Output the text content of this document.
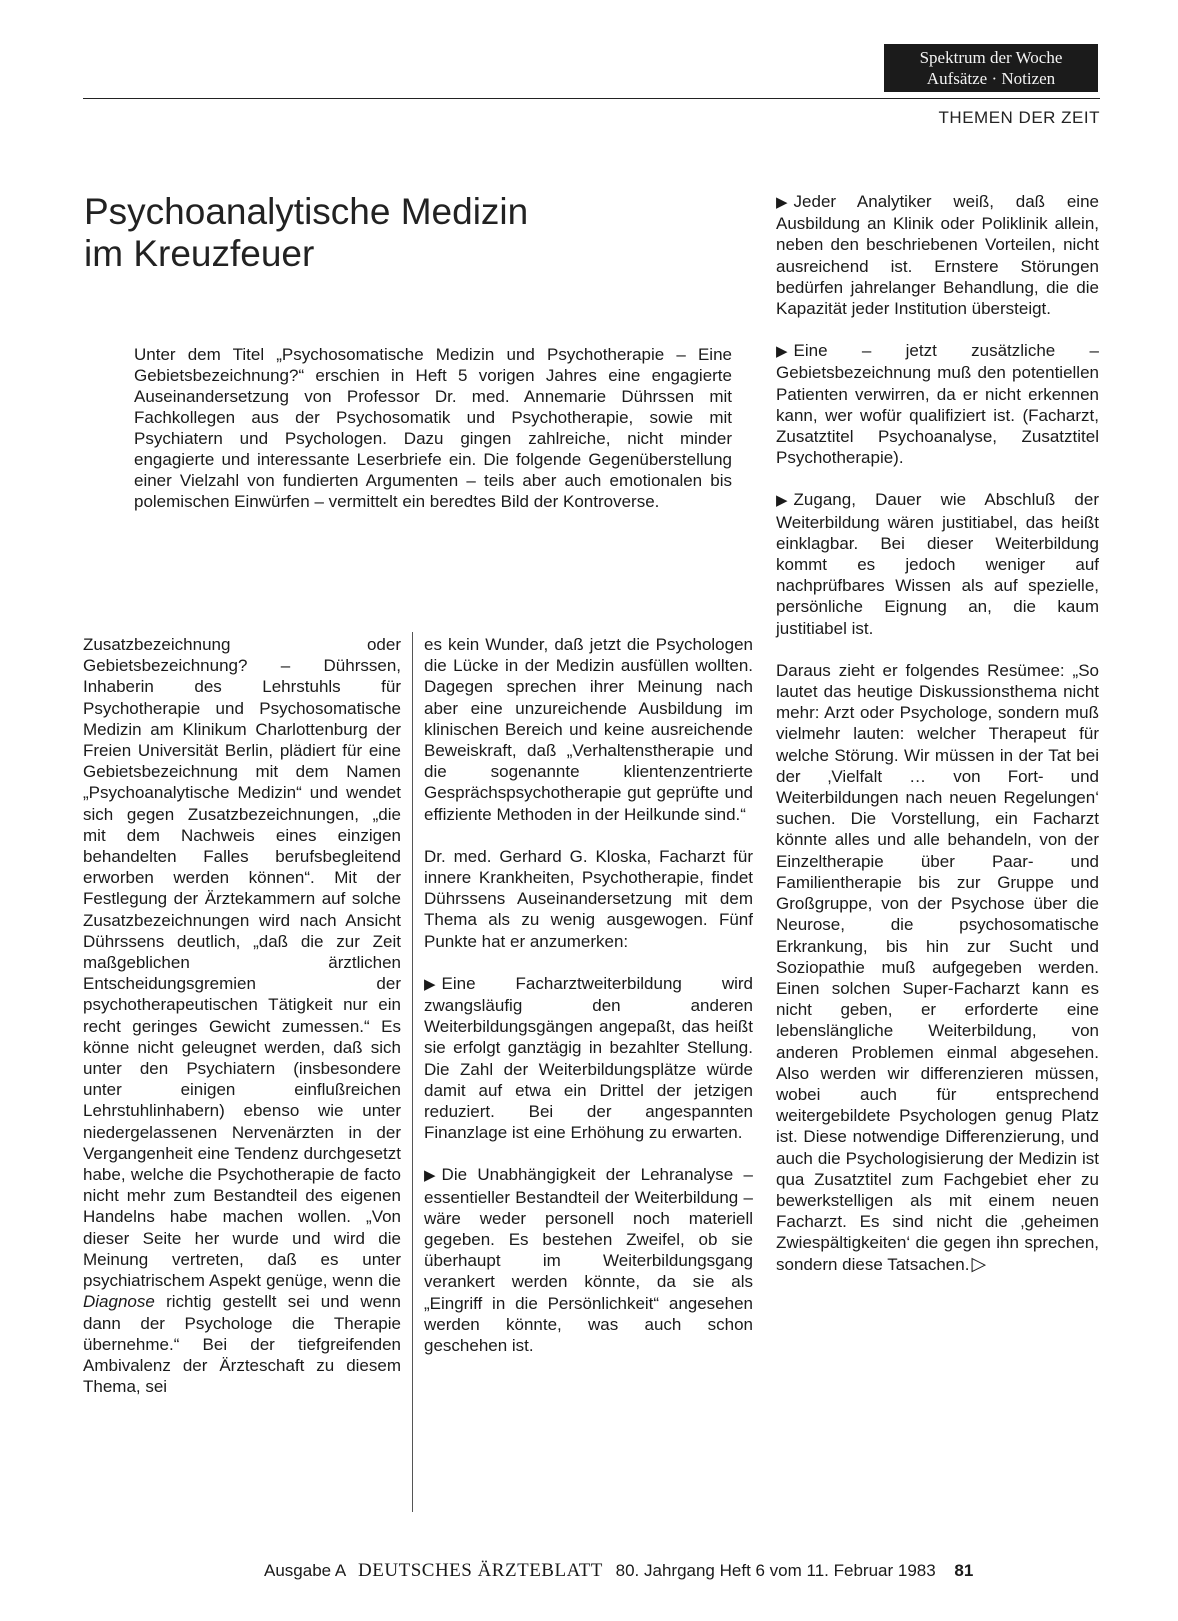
Spektrum der Woche
Aufsätze · Notizen
THEMEN DER ZEIT
Psychoanalytische Medizin
im Kreuzfeuer

Unter dem Titel „Psychosomatische Medizin und Psychotherapie – Eine Gebietsbezeichnung?“ erschien in Heft 5 vorigen Jahres eine engagierte Auseinandersetzung von Professor Dr. med. Annemarie Dührssen mit Fachkollegen aus der Psychosomatik und Psychotherapie, sowie mit Psychiatern und Psychologen. Dazu gingen zahlreiche, nicht minder engagierte und interessante Leserbriefe ein. Die folgende Gegenüberstellung einer Vielzahl von fundierten Argumenten – teils aber auch emotionalen bis polemischen Einwürfen – vermittelt ein beredtes Bild der Kontroverse.

Zusatzbezeichnung oder Gebietsbezeichnung? – Dührssen, Inhaberin des Lehrstuhls für Psychotherapie und Psychosomatische Medizin am Klinikum Charlottenburg der Freien Universität Berlin, plädiert für eine Gebietsbezeichnung mit dem Namen „Psychoanalytische Medizin“ und wendet sich gegen Zusatzbezeichnungen, „die mit dem Nachweis eines einzigen behandelten Falles berufsbegleitend erworben werden können“. Mit der Festlegung der Ärztekammern auf solche Zusatzbezeichnungen wird nach Ansicht Dührssens deutlich, „daß die zur Zeit maßgeblichen ärztlichen Entscheidungsgremien der psychotherapeutischen Tätigkeit nur ein recht geringes Gewicht zumessen.“ Es könne nicht geleugnet werden, daß sich unter den Psychiatern (insbesondere unter einigen einflußreichen Lehrstuhlinhabern) ebenso wie unter niedergelassenen Nervenärzten in der Vergangenheit eine Tendenz durchgesetzt habe, welche die Psychotherapie de facto nicht mehr zum Bestandteil des eigenen Handelns habe machen wollen. „Von dieser Seite her wurde und wird die Meinung vertreten, daß es unter psychiatrischem Aspekt genüge, wenn die Diagnose richtig gestellt sei und wenn dann der Psychologe die Therapie übernehme.“ Bei der tiefgreifenden Ambivalenz der Ärzteschaft zu diesem Thema, sei

es kein Wunder, daß jetzt die Psychologen die Lücke in der Medizin ausfüllen wollten. Dagegen sprechen ihrer Meinung nach aber eine unzureichende Ausbildung im klinischen Bereich und keine ausreichende Beweiskraft, daß „Verhaltenstherapie und die sogenannte klientenzentrierte Gesprächspsychotherapie gut geprüfte und effiziente Methoden in der Heilkunde sind.“

Dr. med. Gerhard G. Kloska, Facharzt für innere Krankheiten, Psychotherapie, findet Dührssens Auseinandersetzung mit dem Thema als zu wenig ausgewogen. Fünf Punkte hat er anzumerken:

▶ Eine Facharztweiterbildung wird zwangsläufig den anderen Weiterbildungsgängen angepaßt, das heißt sie erfolgt ganztägig in bezahlter Stellung. Die Zahl der Weiterbildungsplätze würde damit auf etwa ein Drittel der jetzigen reduziert. Bei der angespannten Finanzlage ist eine Erhöhung zu erwarten.

▶ Die Unabhängigkeit der Lehranalyse – essentieller Bestandteil der Weiterbildung – wäre weder personell noch materiell gegeben. Es bestehen Zweifel, ob sie überhaupt im Weiterbildungsgang verankert werden könnte, da sie als „Eingriff in die Persönlichkeit“ angesehen werden könnte, was auch schon geschehen ist.

▶ Jeder Analytiker weiß, daß eine Ausbildung an Klinik oder Poliklinik allein, neben den beschriebenen Vorteilen, nicht ausreichend ist. Ernstere Störungen bedürfen jahrelanger Behandlung, die die Kapazität jeder Institution übersteigt.

▶ Eine – jetzt zusätzliche – Gebietsbezeichnung muß den potentiellen Patienten verwirren, da er nicht erkennen kann, wer wofür qualifiziert ist. (Facharzt, Zusatztitel Psychoanalyse, Zusatztitel Psychotherapie).

▶ Zugang, Dauer wie Abschluß der Weiterbildung wären justitiabel, das heißt einklagbar. Bei dieser Weiterbildung kommt es jedoch weniger auf nachprüfbares Wissen als auf spezielle, persönliche Eignung an, die kaum justitiabel ist.

Daraus zieht er folgendes Resümee: „So lautet das heutige Diskussionsthema nicht mehr: Arzt oder Psychologe, sondern muß vielmehr lauten: welcher Therapeut für welche Störung. Wir müssen in der Tat bei der ‚Vielfalt … von Fort- und Weiterbildungen nach neuen Regelungen‘ suchen. Die Vorstellung, ein Facharzt könnte alles und alle behandeln, von der Einzeltherapie über Paar- und Familientherapie bis zur Gruppe und Großgruppe, von der Psychose über die Neurose, die psychosomatische Erkrankung, bis hin zur Sucht und Soziopathie muß aufgegeben werden. Einen solchen Super-Facharzt kann es nicht geben, er erforderte eine lebenslängliche Weiterbildung, von anderen Problemen einmal abgesehen. Also werden wir differenzieren müssen, wobei auch für entsprechend weitergebildete Psychologen genug Platz ist. Diese notwendige Differenzierung, und auch die Psychologisierung der Medizin ist qua Zusatztitel zum Fachgebiet eher zu bewerkstelligen als mit einem neuen Facharzt. Es sind nicht die ‚geheimen Zwiespältigkeiten‘ die gegen ihn sprechen, sondern diese Tatsachen. ▷

Ausgabe A DEUTSCHES ÄRZTEBLATT 80. Jahrgang Heft 6 vom 11. Februar 1983 81
